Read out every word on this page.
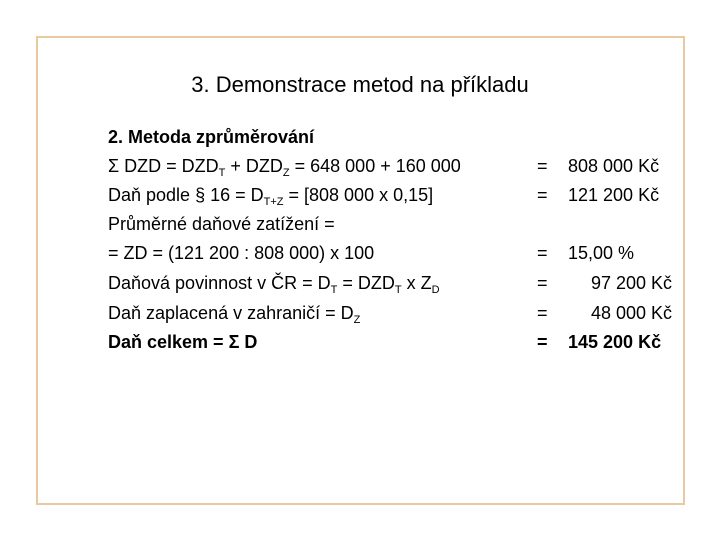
3. Demonstrace metod na příkladu
2. Metoda zprůměrování
Σ DZD = $DZD_T + DZD_Z = 648$ 000 + 160 000	= 808 000 Kč
Daň podle § $16 = D_{T+Z} = [808$ 000 x 0,15]	= 121 200 Kč
Průměrné daňové zatížení =
= ZD = (121 200 : 808 000) x 100	= 15,00 %
Daňová povinnost v ČR = $D_T = DZD_T$ x $Z_D$	=	97 200 Kč
Daň zaplacená v zahraničí = $D_Z$	=	48 000 Kč
Daň celkem = Σ D	= 145 200 Kč
